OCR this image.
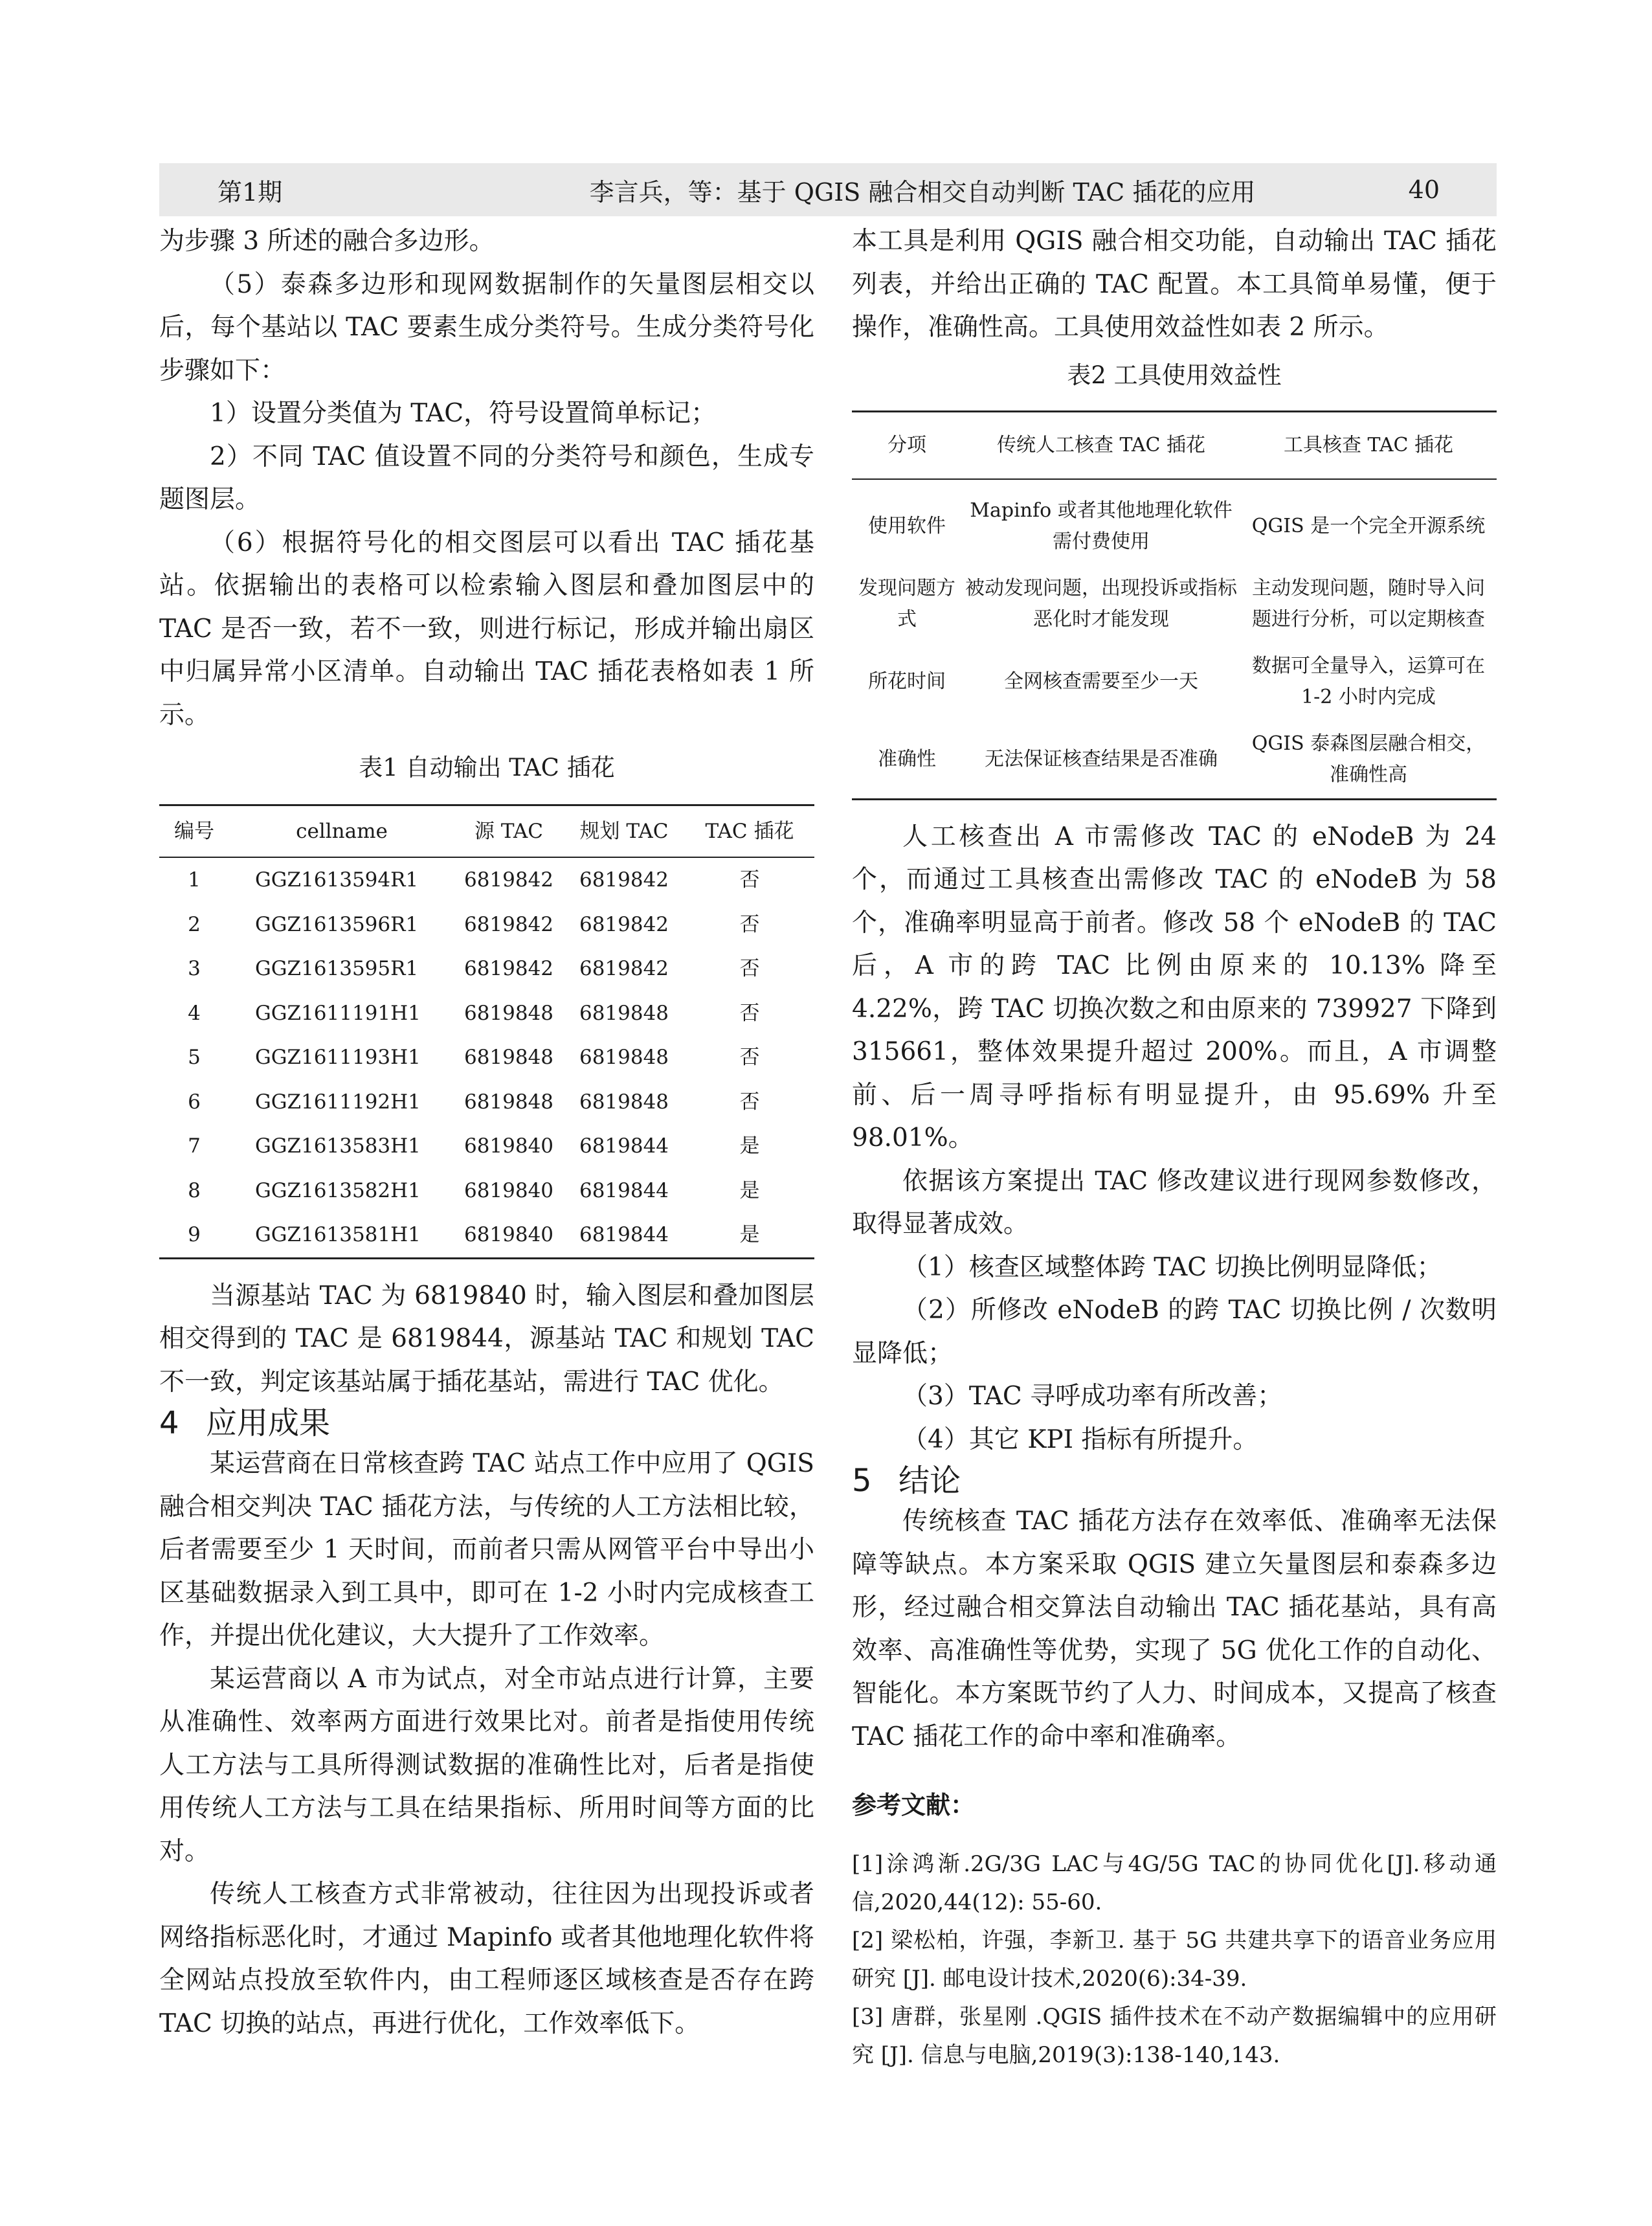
第1期	李言兵，等：基于 QGIS 融合相交自动判断 TAC 插花的应用	40

为步骤 3 所述的融合多边形。

（5）泰森多边形和现网数据制作的矢量图层相交以后，每个基站以 TAC 要素生成分类符号。生成分类符号化步骤如下：

1）设置分类值为 TAC，符号设置简单标记；

2）不同 TAC 值设置不同的分类符号和颜色，生成专题图层。

（6）根据符号化的相交图层可以看出 TAC 插花基站。依据输出的表格可以检索输入图层和叠加图层中的 TAC 是否一致，若不一致，则进行标记，形成并输出扇区中归属异常小区清单。自动输出 TAC 插花表格如表 1 所示。

表1 自动输出 TAC 插花
编号	cellname	源 TAC	规划 TAC	TAC 插花
1	GGZ1613594R1	6819842	6819842	否
2	GGZ1613596R1	6819842	6819842	否
3	GGZ1613595R1	6819842	6819842	否
4	GGZ1611191H1	6819848	6819848	否
5	GGZ1611193H1	6819848	6819848	否
6	GGZ1611192H1	6819848	6819848	否
7	GGZ1613583H1	6819840	6819844	是
8	GGZ1613582H1	6819840	6819844	是
9	GGZ1613581H1	6819840	6819844	是

当源基站 TAC 为 6819840 时，输入图层和叠加图层相交得到的 TAC 是 6819844，源基站 TAC 和规划 TAC 不一致，判定该基站属于插花基站，需进行 TAC 优化。

4 应用成果

某运营商在日常核查跨 TAC 站点工作中应用了 QGIS 融合相交判决 TAC 插花方法，与传统的人工方法相比较，后者需要至少 1 天时间，而前者只需从网管平台中导出小区基础数据录入到工具中，即可在 1-2 小时内完成核查工作，并提出优化建议，大大提升了工作效率。

某运营商以 A 市为试点，对全市站点进行计算，主要从准确性、效率两方面进行效果比对。前者是指使用传统人工方法与工具所得测试数据的准确性比对，后者是指使用传统人工方法与工具在结果指标、所用时间等方面的比对。

传统人工核查方式非常被动，往往因为出现投诉或者网络指标恶化时，才通过 Mapinfo 或者其他地理化软件将全网站点投放至软件内，由工程师逐区域核查是否存在跨 TAC 切换的站点，再进行优化，工作效率低下。

本工具是利用 QGIS 融合相交功能，自动输出 TAC 插花列表，并给出正确的 TAC 配置。本工具简单易懂，便于操作，准确性高。工具使用效益性如表 2 所示。

表2 工具使用效益性
分项	传统人工核查 TAC 插花	工具核查 TAC 插花
使用软件	Mapinfo 或者其他地理化软件需付费使用	QGIS 是一个完全开源系统
发现问题方式	被动发现问题，出现投诉或指标恶化时才能发现	主动发现问题，随时导入问题进行分析，可以定期核查
所花时间	全网核查需要至少一天	数据可全量导入，运算可在 1-2 小时内完成
准确性	无法保证核查结果是否准确	QGIS 泰森图层融合相交，准确性高

人工核查出 A 市需修改 TAC 的 eNodeB 为 24 个，而通过工具核查出需修改 TAC 的 eNodeB 为 58 个，准确率明显高于前者。修改 58 个 eNodeB 的 TAC 后，A 市的跨 TAC 比例由原来的 10.13% 降至 4.22%，跨 TAC 切换次数之和由原来的 739927 下降到 315661，整体效果提升超过 200%。而且，A 市调整前、后一周寻呼指标有明显提升，由 95.69% 升至 98.01%。

依据该方案提出 TAC 修改建议进行现网参数修改，取得显著成效。

（1）核查区域整体跨 TAC 切换比例明显降低；

（2）所修改 eNodeB 的跨 TAC 切换比例 / 次数明显降低；

（3）TAC 寻呼成功率有所改善；

（4）其它 KPI 指标有所提升。

5 结论

传统核查 TAC 插花方法存在效率低、准确率无法保障等缺点。本方案采取 QGIS 建立矢量图层和泰森多边形，经过融合相交算法自动输出 TAC 插花基站，具有高效率、高准确性等优势，实现了 5G 优化工作的自动化、智能化。本方案既节约了人力、时间成本，又提高了核查 TAC 插花工作的命中率和准确率。

参考文献：
[1]涂鸿渐.2G/3G LAC与4G/5G TAC的协同优化[J].移动通信,2020,44(12): 55-60.
[2] 梁松柏，许强，李新卫. 基于 5G 共建共享下的语音业务应用研究 [J]. 邮电设计技术,2020(6):34-39.
[3] 唐群，张星刚 .QGIS 插件技术在不动产数据编辑中的应用研究 [J]. 信息与电脑,2019(3):138-140,143.
